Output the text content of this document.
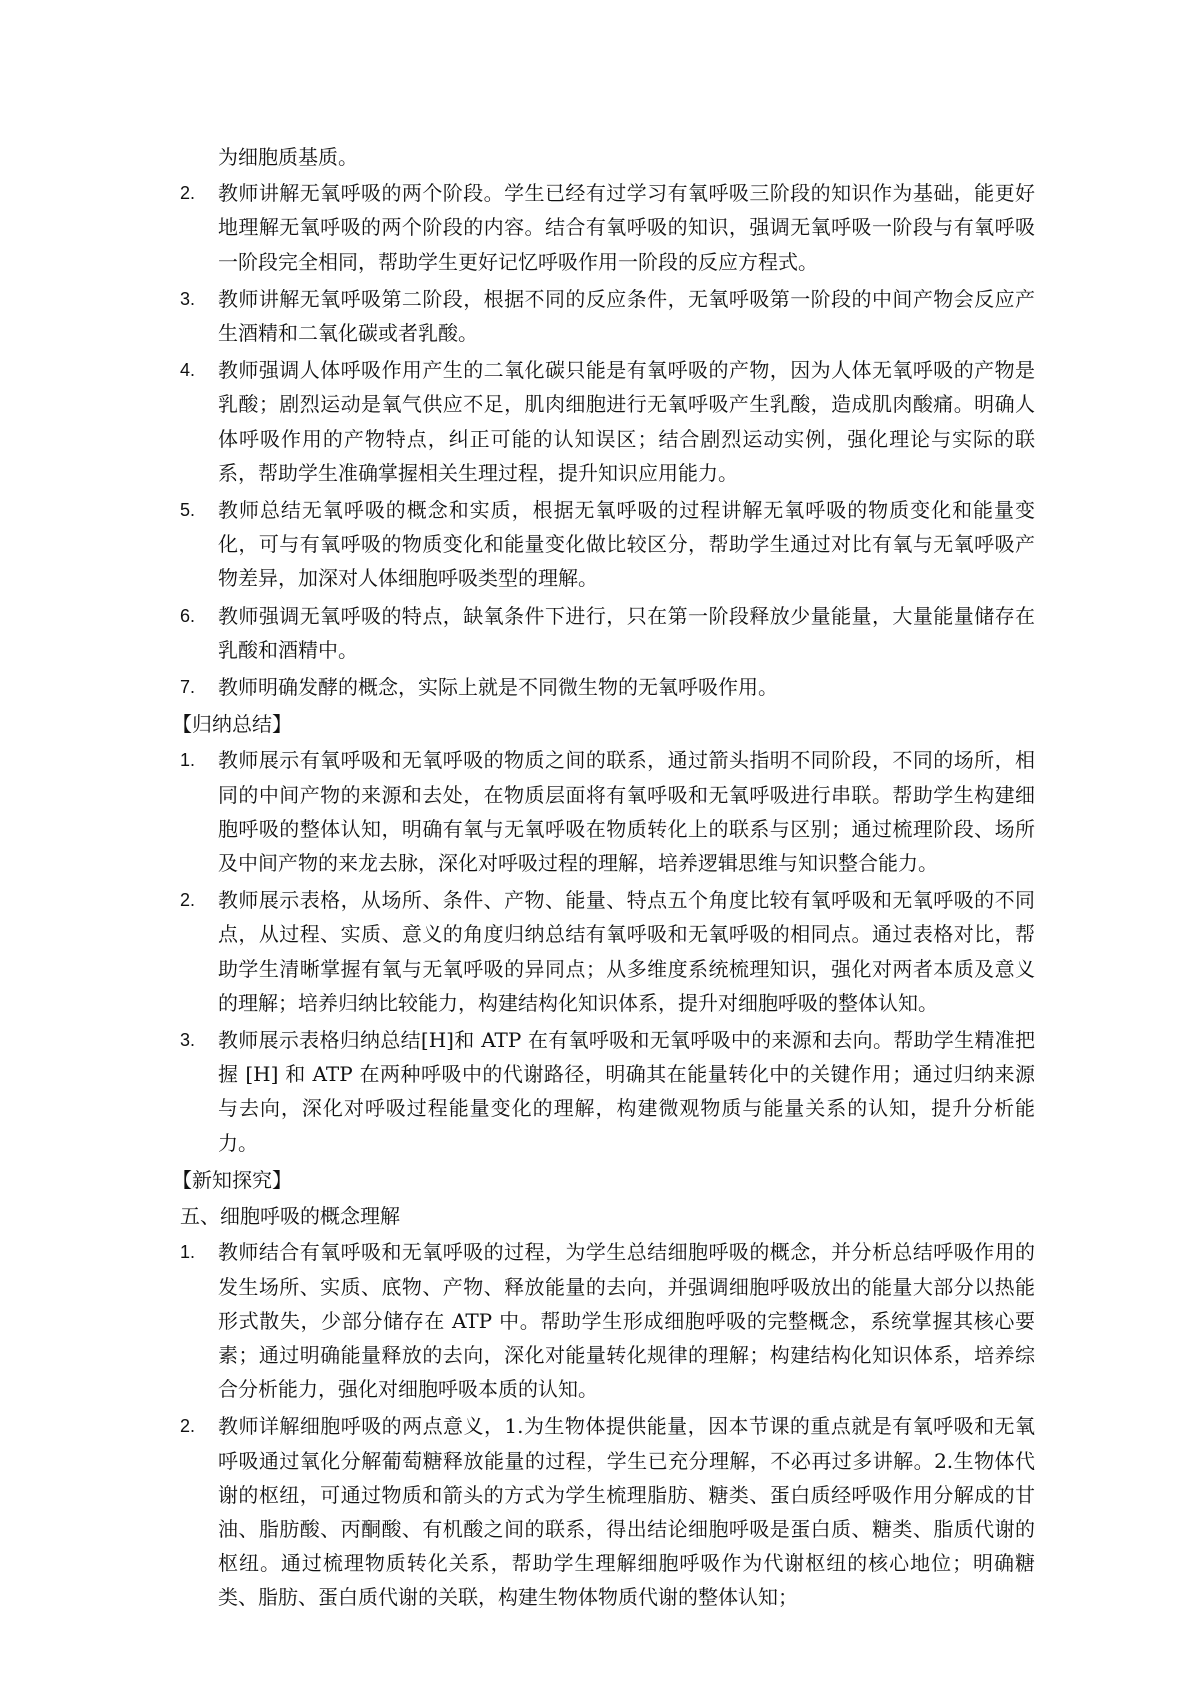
为细胞质基质。

2. 教师讲解无氧呼吸的两个阶段。学生已经有过学习有氧呼吸三阶段的知识作为基础，能更好地理解无氧呼吸的两个阶段的内容。结合有氧呼吸的知识，强调无氧呼吸一阶段与有氧呼吸一阶段完全相同，帮助学生更好记忆呼吸作用一阶段的反应方程式。
3. 教师讲解无氧呼吸第二阶段，根据不同的反应条件，无氧呼吸第一阶段的中间产物会反应产生酒精和二氧化碳或者乳酸。
4. 教师强调人体呼吸作用产生的二氧化碳只能是有氧呼吸的产物，因为人体无氧呼吸的产物是乳酸；剧烈运动是氧气供应不足，肌肉细胞进行无氧呼吸产生乳酸，造成肌肉酸痛。明确人体呼吸作用的产物特点，纠正可能的认知误区；结合剧烈运动实例，强化理论与实际的联系，帮助学生准确掌握相关生理过程，提升知识应用能力。
5. 教师总结无氧呼吸的概念和实质，根据无氧呼吸的过程讲解无氧呼吸的物质变化和能量变化，可与有氧呼吸的物质变化和能量变化做比较区分，帮助学生通过对比有氧与无氧呼吸产物差异，加深对人体细胞呼吸类型的理解。
6. 教师强调无氧呼吸的特点，缺氧条件下进行，只在第一阶段释放少量能量，大量能量储存在乳酸和酒精中。
7. 教师明确发酵的概念，实际上就是不同微生物的无氧呼吸作用。

【归纳总结】

1. 教师展示有氧呼吸和无氧呼吸的物质之间的联系，通过箭头指明不同阶段，不同的场所，相同的中间产物的来源和去处，在物质层面将有氧呼吸和无氧呼吸进行串联。帮助学生构建细胞呼吸的整体认知，明确有氧与无氧呼吸在物质转化上的联系与区别；通过梳理阶段、场所及中间产物的来龙去脉，深化对呼吸过程的理解，培养逻辑思维与知识整合能力。
2. 教师展示表格，从场所、条件、产物、能量、特点五个角度比较有氧呼吸和无氧呼吸的不同点，从过程、实质、意义的角度归纳总结有氧呼吸和无氧呼吸的相同点。通过表格对比，帮助学生清晰掌握有氧与无氧呼吸的异同点；从多维度系统梳理知识，强化对两者本质及意义的理解；培养归纳比较能力，构建结构化知识体系，提升对细胞呼吸的整体认知。
3. 教师展示表格归纳总结[H]和 ATP 在有氧呼吸和无氧呼吸中的来源和去向。帮助学生精准把握 [H] 和 ATP 在两种呼吸中的代谢路径，明确其在能量转化中的关键作用；通过归纳来源与去向，深化对呼吸过程能量变化的理解，构建微观物质与能量关系的认知，提升分析能力。

【新知探究】

五、细胞呼吸的概念理解

1. 教师结合有氧呼吸和无氧呼吸的过程，为学生总结细胞呼吸的概念，并分析总结呼吸作用的发生场所、实质、底物、产物、释放能量的去向，并强调细胞呼吸放出的能量大部分以热能形式散失，少部分储存在 ATP 中。帮助学生形成细胞呼吸的完整概念，系统掌握其核心要素；通过明确能量释放的去向，深化对能量转化规律的理解；构建结构化知识体系，培养综合分析能力，强化对细胞呼吸本质的认知。
2. 教师详解细胞呼吸的两点意义，1.为生物体提供能量，因本节课的重点就是有氧呼吸和无氧呼吸通过氧化分解葡萄糖释放能量的过程，学生已充分理解，不必再过多讲解。2.生物体代谢的枢纽，可通过物质和箭头的方式为学生梳理脂肪、糖类、蛋白质经呼吸作用分解成的甘油、脂肪酸、丙酮酸、有机酸之间的联系，得出结论细胞呼吸是蛋白质、糖类、脂质代谢的枢纽。通过梳理物质转化关系，帮助学生理解细胞呼吸作为代谢枢纽的核心地位；明确糖类、脂肪、蛋白质代谢的关联，构建生物体物质代谢的整体认知；
